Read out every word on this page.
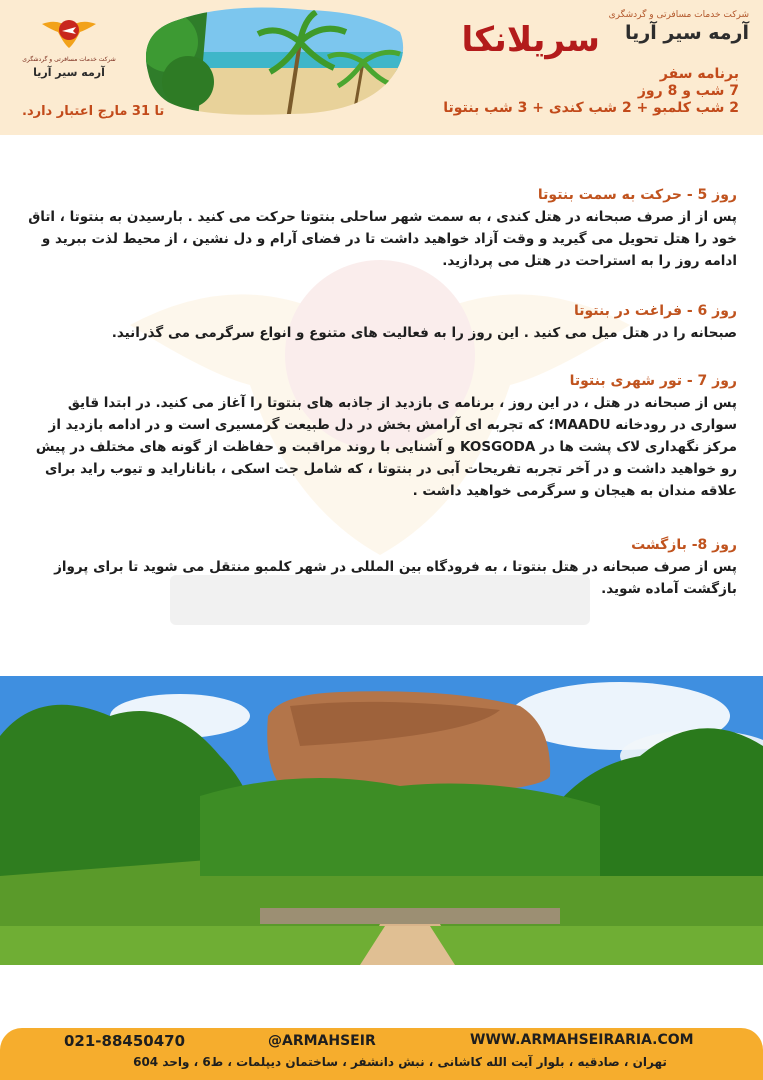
شرکت خدمات مسافرتی و گردشگری
آرمه سیر آریا
تا 31 مارج اعتبار دارد.
شرکت خدمات مسافرتی و گردشگری
آرمه سیر آریا
سریلانکا
برنامه سفر
7 شب و 8 روز
2 شب کلمبو + 2 شب کندی + 3 شب بنتوتا
روز 5 - حرکت به سمت بنتوتا
پس از از صرف صبحانه در هتل کندی ، به سمت شهر ساحلی بنتوتا حرکت می کنید . بارسیدن به بنتوتا ، اتاق خود را هتل تحویل می گیرید و وقت آزاد خواهید داشت تا در فضای آرام و دل نشین ، از محیط لذت ببرید و ادامه روز را به استراحت در هتل می پردازید.
روز 6 - فراغت در بنتوتا
صبحانه را در هتل میل می کنید . این روز را به فعالیت های متنوع و انواع سرگرمی می گذرانید.
روز 7 - تور شهری بنتوتا
پس از صبحانه در هتل ، در این روز ، برنامه ی بازدید از جاذبه های بنتوتا را آغاز می کنید. در ابتدا قایق سواری در رودخانه MAADU؛ که تجربه ای آرامش بخش در دل طبیعت گرمسیری است و در ادامه بازدید از مرکز نگهداری لاک پشت ها در KOSGODA و آشنایی با روند مراقبت و حفاظت از گونه های مختلف در پیش رو خواهید داشت و در آخر تجربه تفریحات آبی در بنتوتا ، که شامل جت اسکی ، باناناراید و تیوب راید برای علاقه مندان به هیجان و سرگرمی خواهید داشت .
روز 8- بازگشت
پس از صرف صبحانه در هتل بنتوتا ، به فرودگاه بین المللی در شهر کلمبو منتقل می شوید تا برای پرواز بازگشت آماده شوید.
021-88450470	@ARMAHSEIR	WWW.ARMAHSEIRARIA.COM
تهران ، صادقیه ، بلوار آیت الله کاشانی ، نبش دانشفر ، ساختمان دیپلمات ، ط6 ، واحد 604
